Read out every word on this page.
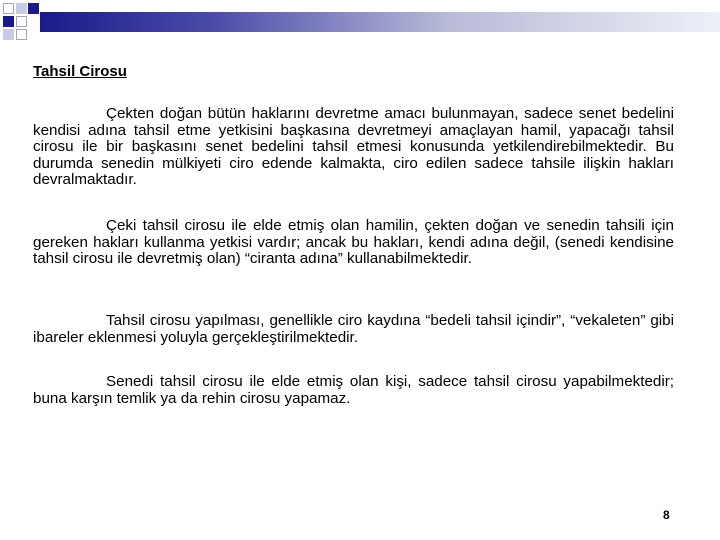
Tahsil Cirosu

Çekten doğan bütün haklarını devretme amacı bulunmayan, sadece senet bedelini kendisi adına tahsil etme yetkisini başkasına devretmeyi amaçlayan hamil, yapacağı tahsil cirosu ile bir başkasını senet bedelini tahsil etmesi konusunda yetkilendirebilmektedir. Bu durumda senedin mülkiyeti ciro edende kalmakta, ciro edilen sadece tahsile ilişkin hakları devralmaktadır.

Çeki tahsil cirosu ile elde etmiş olan hamilin, çekten doğan ve senedin tahsili için gereken hakları kullanma yetkisi vardır; ancak bu hakları, kendi adına değil, (senedi kendisine tahsil cirosu ile devretmiş olan) “ciranta adına” kullanabilmektedir.

Tahsil cirosu yapılması, genellikle ciro kaydına “bedeli tahsil içindir”, “vekaleten” gibi ibareler eklenmesi yoluyla gerçekleştirilmektedir.

Senedi tahsil cirosu ile elde etmiş olan kişi, sadece tahsil cirosu yapabilmektedir; buna karşın temlik ya da rehin cirosu yapamaz.

8
